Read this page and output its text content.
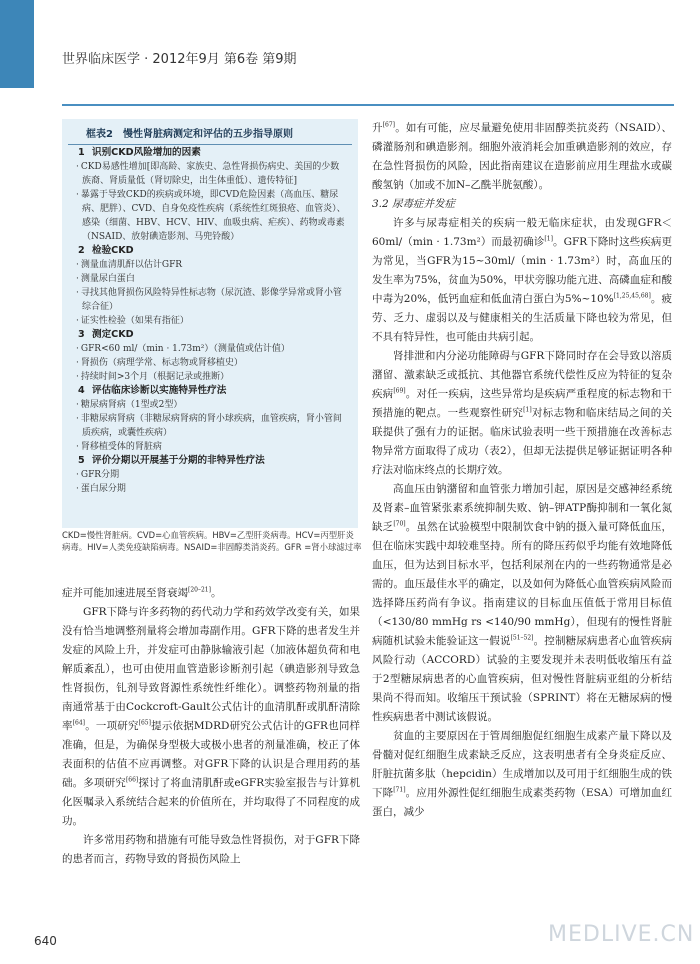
世界临床医学 · 2012年9月 第6卷 第9期
框表2 慢性肾脏病测定和评估的五步指导原则
1 识别CKD风险增加的因素
· CKD易感性增加[即高龄、家族史、急性肾损伤病史、美国的少数族裔、肾质量低（肾切除史，出生体重低）、遗传特征]
· 暴露于导致CKD的疾病或环境，即CVD危险因素（高血压、糖尿病、肥胖）、CVD、自身免疫性疾病（系统性红斑狼疮、血管炎）、感染（细菌、HBV、HCV、HIV、血吸虫病、疟疾）、药物或毒素（NSAID、放射碘造影剂、马兜铃酸）
2 检验CKD
· 测量血清肌酐以估计GFR
· 测量尿白蛋白
· 寻找其他肾损伤风险特异性标志物（尿沉渣、影像学异常或肾小管综合征）
· 证实性检验（如果有指征）
3 测定CKD
· GFR<60 ml/（min · 1.73m²）（测量值或估计值）
· 肾损伤（病理学常、标志物或肾移植史）
· 持续时间>3个月（根据记录或推断）
4 评估临床诊断以实施特异性疗法
· 糖尿病肾病（1型或2型）
· 非糖尿病肾病（非糖尿病肾病的肾小球疾病，血管疾病，肾小管间质疾病，或囊性疾病）
· 肾移植受体的肾脏病
5 评价分期以开展基于分期的非特异性疗法
· GFR分期
· 蛋白尿分期
CKD=慢性肾脏病。CVD=心血管疾病。HBV=乙型肝炎病毒。HCV=丙型肝炎病毒。HIV=人类免疫缺陷病毒。NSAID=非固醇类消炎药。GFR =肾小球滤过率

症并可能加速进展至肾衰竭[20–21]。

GFR下降与许多药物的药代动力学和药效学改变有关，如果没有恰当地调整剂量将会增加毒副作用。GFR下降的患者发生并发症的风险上升，并发症可由静脉输液引起（加液体超负荷和电解质紊乱），也可由使用血管造影诊断剂引起（碘造影剂导致急性肾损伤，钆剂导致肾源性系统性纤维化）。调整药物剂量的指南通常基于由Cockcroft-Gault公式估计的血清肌酐或肌酐清除率[64]。一项研究[65]提示依据MDRD研究公式估计的GFR也同样准确，但是，为确保身型极大或极小患者的剂量准确，校正了体表面积的估值不应再调整。对GFR下降的认识是合理用药的基础。多项研究[66]探讨了将血清肌酐或eGFR实验室报告与计算机化医嘱录入系统结合起来的价值所在，并均取得了不同程度的成功。

许多常用药物和措施有可能导致急性肾损伤，对于GFR下降的患者而言，药物导致的肾损伤风险上

升[67]。如有可能，应尽量避免使用非固醇类抗炎药（NSAID）、磷灌肠剂和碘造影剂。细胞外液消耗会加重碘造影剂的效应，存在急性肾损伤的风险，因此指南建议在造影前应用生理盐水或碳酸氢钠（加或不加N–乙酰半胱氨酸）。

3.2 尿毒症并发症

许多与尿毒症相关的疾病一般无临床症状，由发现GFR＜60ml/（min · 1.73m²）而最初确诊[1]。GFR下降时这些疾病更为常见，当GFR为15~30ml/（min · 1.73m²）时，高血压的发生率为75%，贫血为50%，甲状旁腺功能亢进、高磷血症和酸中毒为20%，低钙血症和低血清白蛋白为5%~10%[1,25,45,68]。疲劳、乏力、虚弱以及与健康相关的生活质量下降也较为常见，但不具有特异性，也可能由共病引起。

肾排泄和内分泌功能障碍与GFR下降同时存在会导致以溶质潴留、激素缺乏或抵抗、其他器官系统代偿性反应为特征的复杂疾病[69]。对任一疾病，这些异常均是疾病严重程度的标志物和干预措施的靶点。一些观察性研究[1]对标志物和临床结局之间的关联提供了强有力的证据。临床试验表明一些干预措施在改善标志物异常方面取得了成功（表2），但却无法提供足够证据证明各种疗法对临床终点的长期疗效。

高血压由钠潴留和血管张力增加引起，原因是交感神经系统及肾素–血管紧张素系统抑制失败、钠–钾ATP酶抑制和一氧化氮缺乏[70]。虽然在试验模型中限制饮食中钠的摄入量可降低血压，但在临床实践中却较难坚持。所有的降压药似乎均能有效地降低血压，但为达到目标水平，包括利尿剂在内的一些药物通常是必需的。血压最佳水平的确定，以及如何为降低心血管疾病风险而选择降压药尚有争议。指南建议的目标血压值低于常用目标值（<130/80 mmHg rs <140/90 mmHg），但现有的慢性肾脏病随机试验未能验证这一假说[51–52]。控制糖尿病患者心血管疾病风险行动（ACCORD）试验的主要发现并未表明低收缩压有益于2型糖尿病患者的心血管疾病，但对慢性肾脏病亚组的分析结果尚不得而知。收缩压干预试验（SPRINT）将在无糖尿病的慢性疾病患者中测试该假说。

贫血的主要原因在于管周细胞促红细胞生成素产量下降以及骨髓对促红细胞生成素缺乏反应，这表明患者有全身炎症反应、肝脏抗菌多肽（hepcidin）生成增加以及可用于红细胞生成的铁下降[71]。应用外源性促红细胞生成素类药物（ESA）可增加血红蛋白，减少

640	MEDLIVE.CN
